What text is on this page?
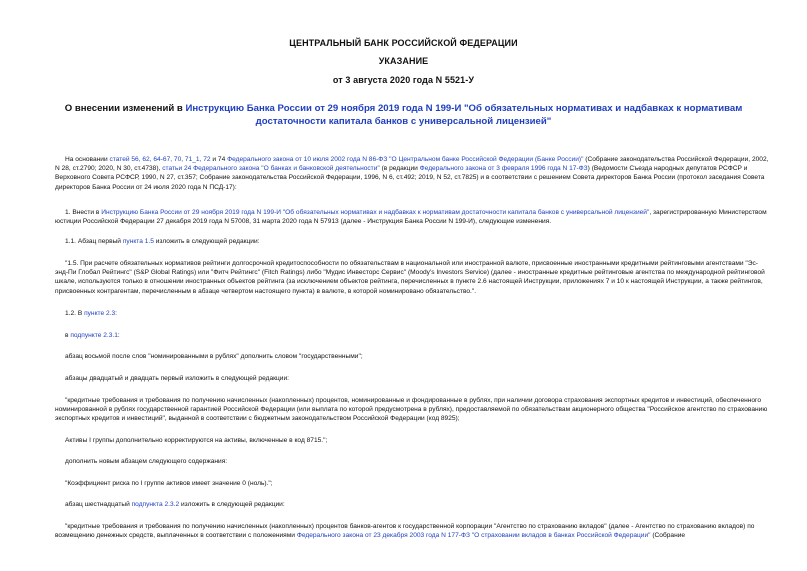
ЦЕНТРАЛЬНЫЙ БАНК РОССИЙСКОЙ ФЕДЕРАЦИИ
УКАЗАНИЕ
от 3 августа 2020 года N 5521-У
О внесении изменений в Инструкцию Банка России от 29 ноября 2019 года N 199-И "Об обязательных нормативах и надбавках к нормативам достаточности капитала банков с универсальной лицензией"
На основании статей 56, 62, 64-67, 70, 71_1, 72 и 74 Федерального закона от 10 июля 2002 года N 86-ФЗ "О Центральном банке Российской Федерации (Банке России)" (Собрание законодательства Российской Федерации, 2002, N 28, ст.2790; 2020, N 30, ст.4738), статьи 24 Федерального закона "О банках и банковской деятельности" (в редакции Федерального закона от 3 февраля 1996 года N 17-ФЗ) (Ведомости Съезда народных депутатов РСФСР и Верховного Совета РСФСР, 1990, N 27, ст.357; Собрание законодательства Российской Федерации, 1996, N 6, ст.492; 2019, N 52, ст.7825) и в соответствии с решением Совета директоров Банка России (протокол заседания Совета директоров Банка России от 24 июля 2020 года N ПСД-17):
1. Внести в Инструкцию Банка России от 29 ноября 2019 года N 199-И "Об обязательных нормативах и надбавках к нормативам достаточности капитала банков с универсальной лицензией", зарегистрированную Министерством юстиции Российской Федерации 27 декабря 2019 года N 57008, 31 марта 2020 года N 57913 (далее - Инструкция Банка России N 199-И), следующие изменения.
1.1. Абзац первый пункта 1.5 изложить в следующей редакции:
"1.5. При расчете обязательных нормативов рейтинги долгосрочной кредитоспособности по обязательствам в национальной или иностранной валюте, присвоенные иностранными кредитными рейтинговыми агентствами "Эс-энд-Пи Глобал Рейтингс" (S&P Global Ratings) или "Фитч Рейтингс" (Fitch Ratings) либо "Мудис Инвесторс Сервис" (Moody's Investors Service) (далее - иностранные кредитные рейтинговые агентства по международной рейтинговой шкале, используются только в отношении иностранных объектов рейтинга (за исключением объектов рейтинга, перечисленных в пункте 2.6 настоящей Инструкции, приложениях 7 и 10 к настоящей Инструкции, а также рейтингов, присвоенных контрагентам, перечисленным в абзаце четвертом настоящего пункта) в валюте, в которой номинировано обязательство.".
1.2. В пункте 2.3:
в подпункте 2.3.1:
абзац восьмой после слов "номинированными в рублях" дополнить словом "государственными";
абзацы двадцатый и двадцать первый изложить в следующей редакции:
"кредитные требования и требования по получению начисленных (накопленных) процентов, номинированные и фондированные в рублях, при наличии договора страхования экспортных кредитов и инвестиций, обеспеченного номинированной в рублях государственной гарантией Российской Федерации (или выплата по которой предусмотрена в рублях), предоставляемой по обязательствам акционерного общества "Российское агентство по страхованию экспортных кредитов и инвестиций", выданной в соответствии с бюджетным законодательством Российской Федерации (код 8925);
Активы I группы дополнительно корректируются на активы, включенные в код 8715.";
дополнить новым абзацем следующего содержания:
"Коэффициент риска по I группе активов имеет значение 0 (ноль).";
абзац шестнадцатый подпункта 2.3.2 изложить в следующей редакции:
"кредитные требования и требования по получению начисленных (накопленных) процентов банков-агентов к государственной корпорации "Агентство по страхованию вкладов" (далее - Агентство по страхованию вкладов) по возмещению денежных средств, выплаченных в соответствии с положениями Федерального закона от 23 декабря 2003 года N 177-ФЗ "О страховании вкладов в банках Российской Федерации" (Собрание
